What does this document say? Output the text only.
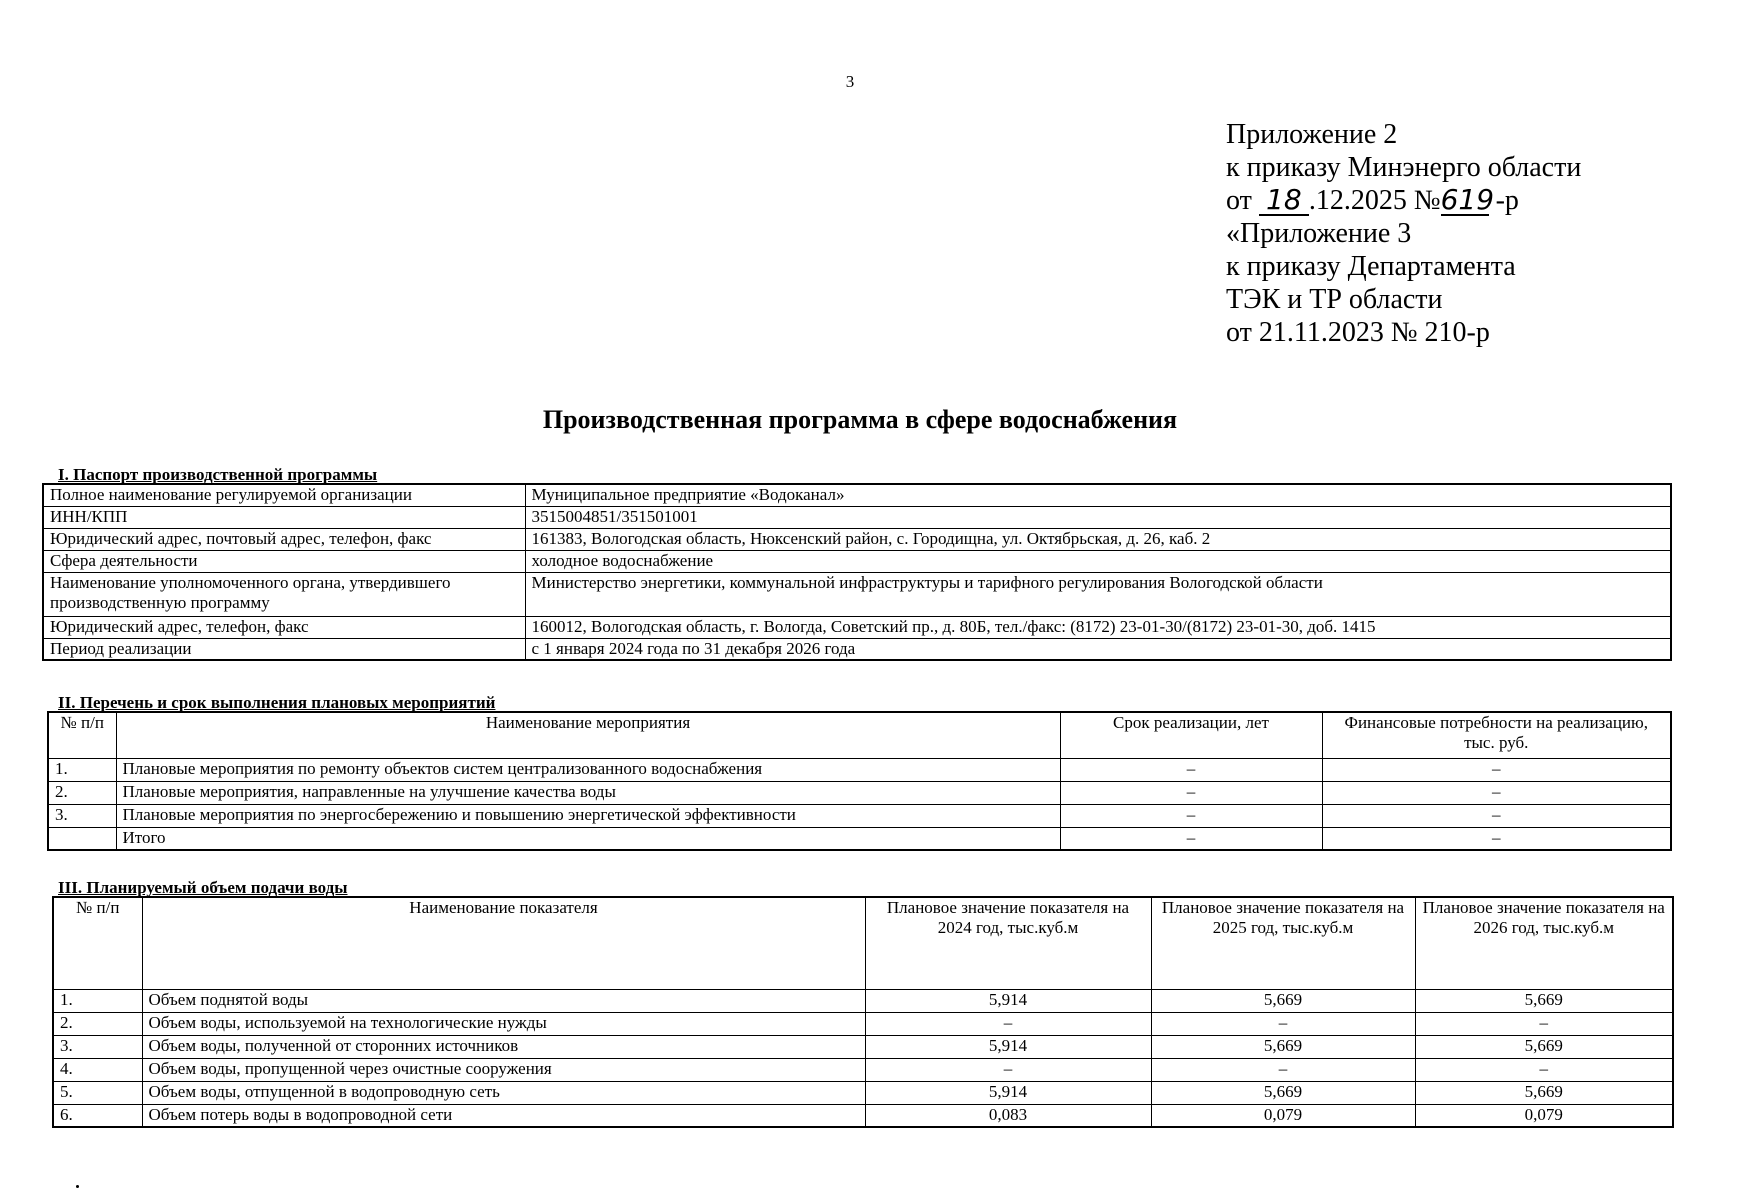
3
Приложение 2
к приказу Минэнерго области
от 18 .12.2025 №619 -р
«Приложение 3
к приказу Департамента
ТЭК и ТР области
от 21.11.2023 № 210-р
Производственная программа в сфере водоснабжения
I. Паспорт производственной программы
Полное наименование регулируемой организации	Муниципальное предприятие «Водоканал»
ИНН/КПП	3515004851/351501001
Юридический адрес, почтовый адрес, телефон, факс	161383, Вологодская область, Нюксенский район, с. Городищна, ул. Октябрьская, д. 26, каб. 2
Сфера деятельности	холодное водоснабжение
Наименование уполномоченного органа, утвердившего производственную программу	Министерство энергетики, коммунальной инфраструктуры и тарифного регулирования Вологодской области
Юридический адрес, телефон, факс	160012, Вологодская область, г. Вологда, Советский пр., д. 80Б, тел./факс: (8172) 23-01-30/(8172) 23-01-30, доб. 1415
Период реализации	с 1 января 2024 года по 31 декабря 2026 года
II. Перечень и срок выполнения плановых мероприятий
№ п/п	Наименование мероприятия	Срок реализации, лет	Финансовые потребности на реализацию, тыс. руб.
1.	Плановые мероприятия по ремонту объектов систем централизованного водоснабжения	–	–
2.	Плановые мероприятия, направленные на улучшение качества воды	–	–
3.	Плановые мероприятия по энергосбережению и повышению энергетической эффективности	–	–
	Итого	–	–
III. Планируемый объем подачи воды
№ п/п	Наименование показателя	Плановое значение показателя на 2024 год, тыс.куб.м	Плановое значение показателя на 2025 год, тыс.куб.м	Плановое значение показателя на 2026 год, тыс.куб.м
1.	Объем поднятой воды	5,914	5,669	5,669
2.	Объем воды, используемой на технологические нужды	–	–	–
3.	Объем воды, полученной от сторонних источников	5,914	5,669	5,669
4.	Объем воды, пропущенной через очистные сооружения	–	–	–
5.	Объем воды, отпущенной в водопроводную сеть	5,914	5,669	5,669
6.	Объем потерь воды в водопроводной сети	0,083	0,079	0,079
